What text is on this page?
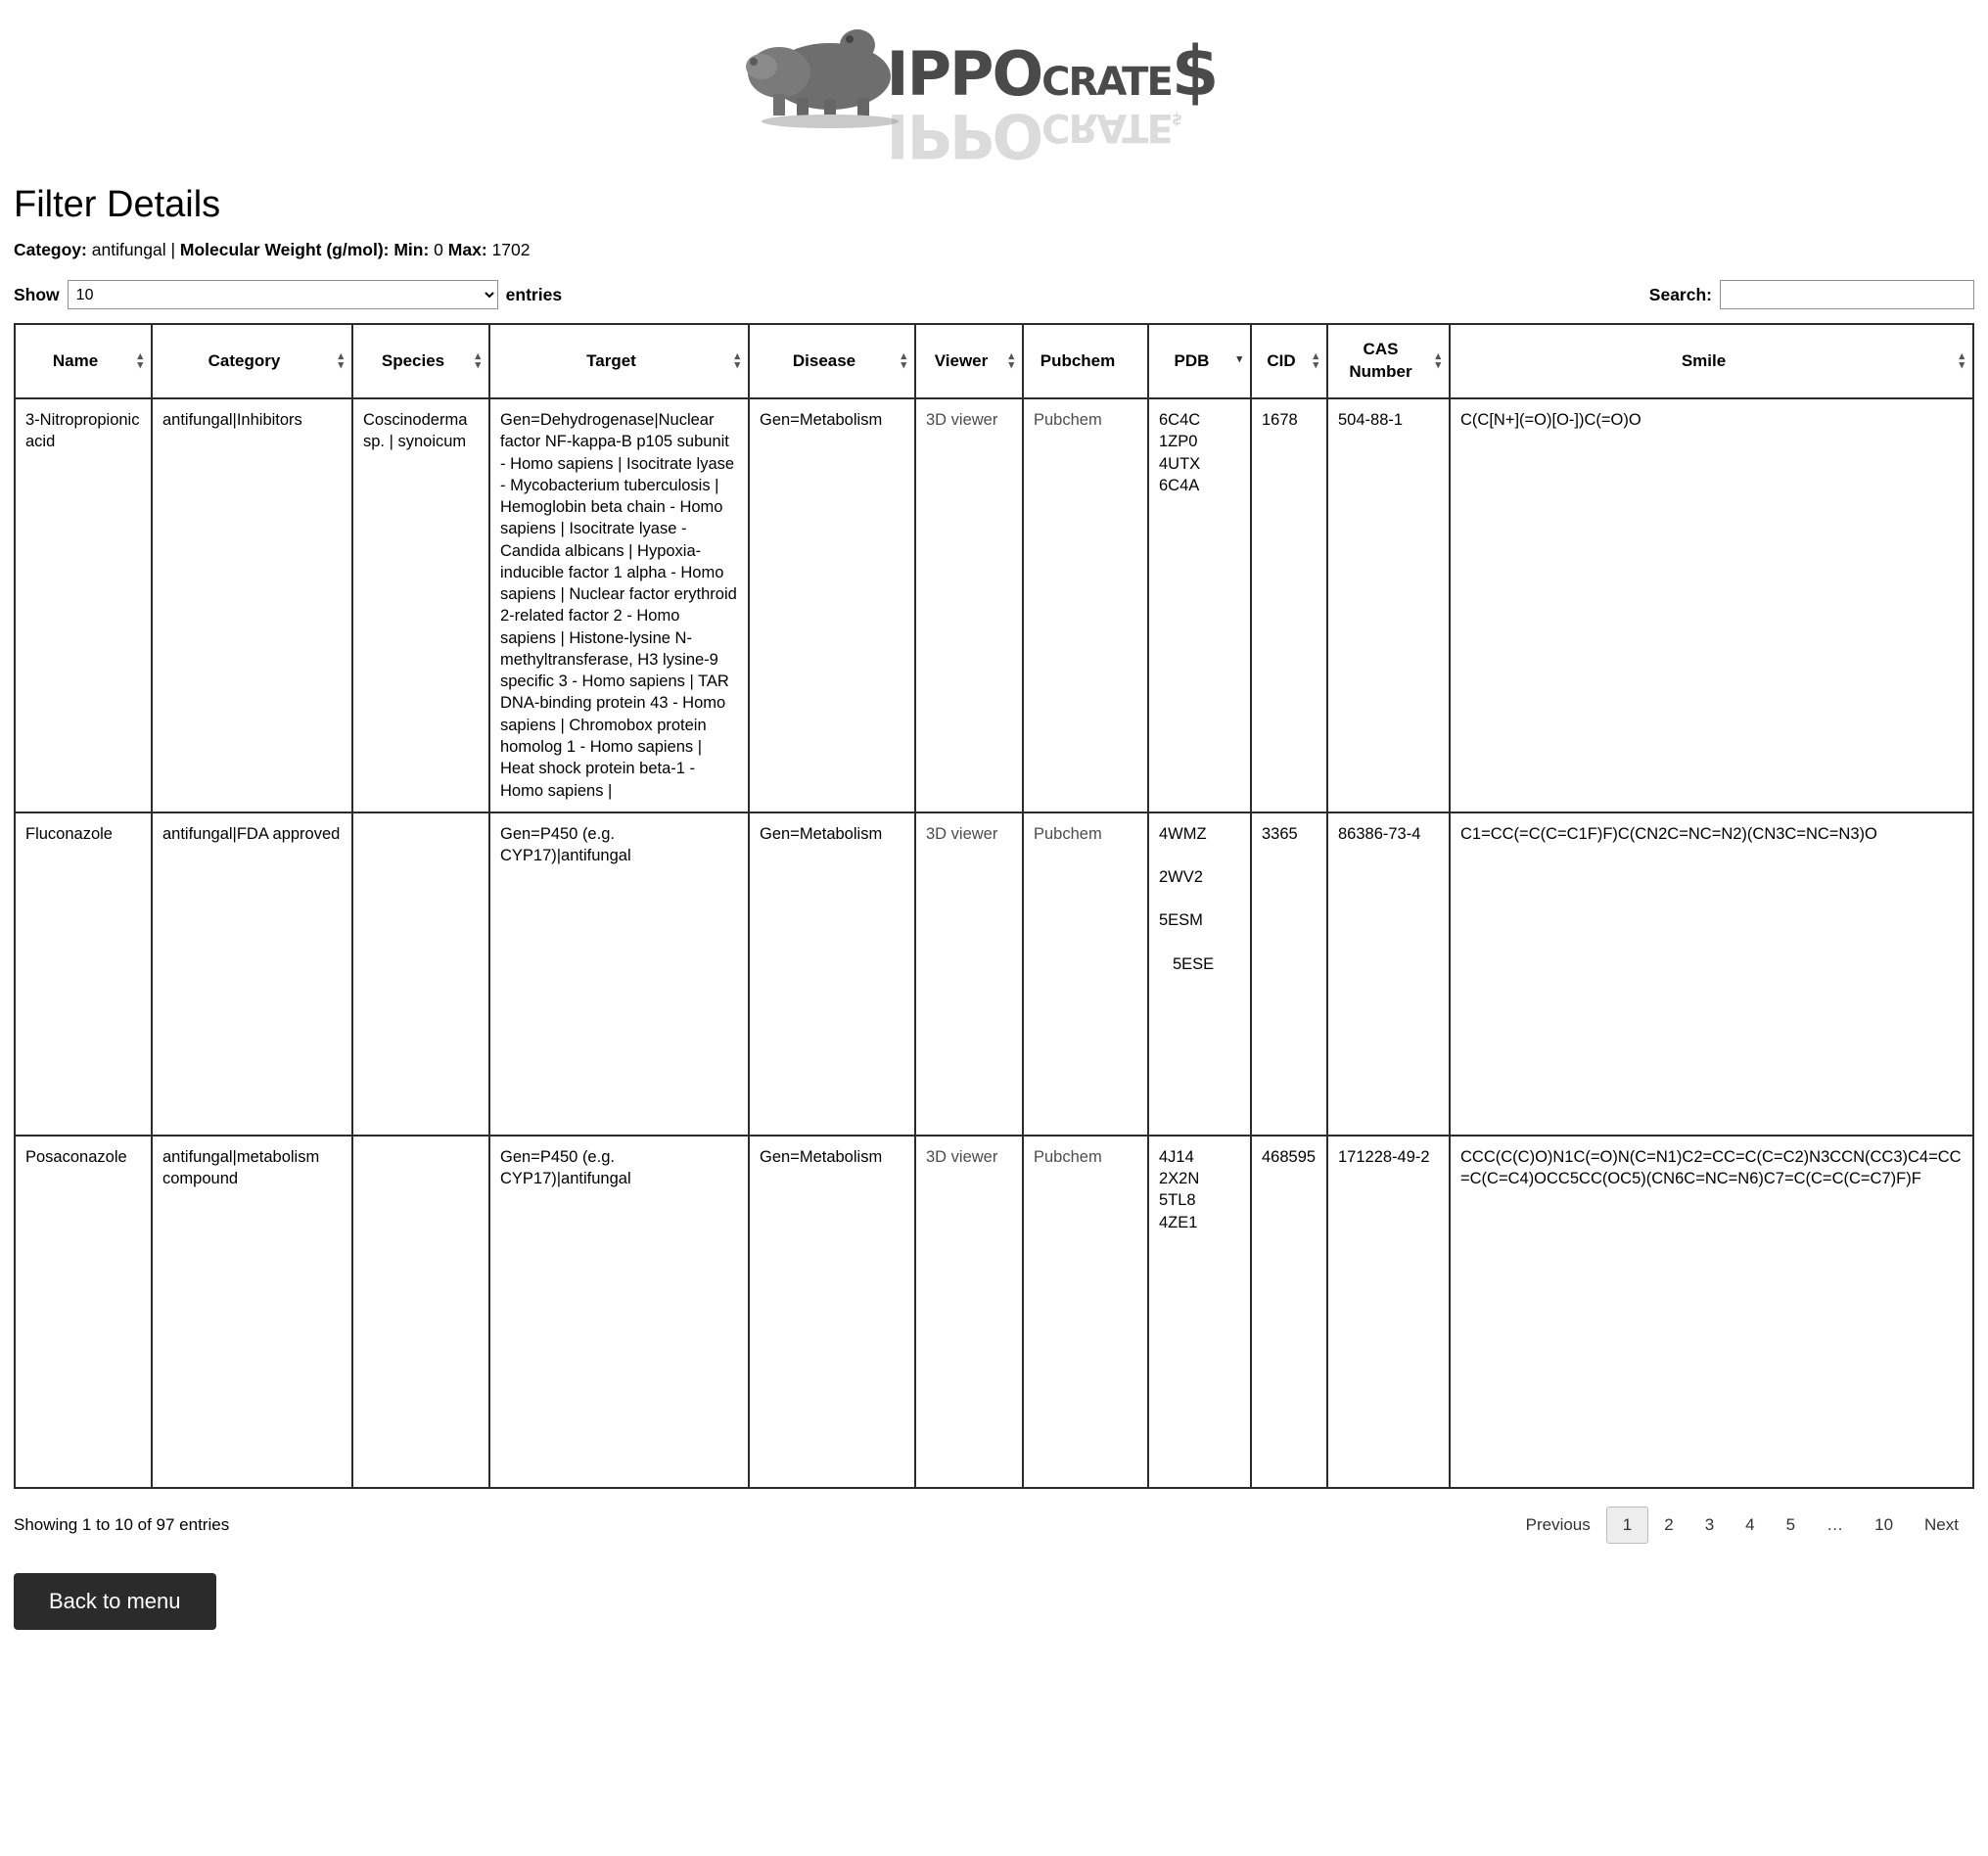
IPPOCRATE$
IPPOCRATE$
Filter Details
Categoy: antifungal | Molecular Weight (g/mol): Min: 0 Max: 1702
Show
10	entries	Search:
Name
▴
▾	Category
▴
▾	Species
▴
▾	Target
▴
▾	Disease
▴
▾	Viewer
▴
▾	Pubchem	PDB
▾	CID
▴
▾	CAS Number
▴
▾	Smile
▴
▾

3-Nitropropionic acid	antifungal|Inhibitors	Coscinoderma sp. | synoicum	Gen=Dehydrogenase|Nuclear factor NF-kappa-B p105 subunit - Homo sapiens | Isocitrate lyase - Mycobacterium tuberculosis | Hemoglobin beta chain - Homo sapiens | Isocitrate lyase - Candida albicans | Hypoxia-inducible factor 1 alpha - Homo sapiens | Nuclear factor erythroid 2-related factor 2 - Homo sapiens | Histone-lysine N-methyltransferase, H3 lysine-9 specific 3 - Homo sapiens | TAR DNA-binding protein 43 - Homo sapiens | Chromobox protein homolog 1 - Homo sapiens | Heat shock protein beta-1 - Homo sapiens |	Gen=Metabolism	3D viewer	Pubchem	6C4C
1ZP0
4UTX
6C4A
	1678	504-88-1	C(C[N+](=O)[O-])C(=O)O
Fluconazole	antifungal|FDA approved		Gen=P450 (e.g. CYP17)|antifungal	Gen=Metabolism	3D viewer	Pubchem	4WMZ
2WV2
5ESM
5ESE	3365	86386-73-4	C1=CC(=C(C=C1F)F)C(CN2C=NC=N2)(CN3C=NC=N3)O
Posaconazole	antifungal|metabolism compound		Gen=P450 (e.g. CYP17)|antifungal	Gen=Metabolism	3D viewer	Pubchem	4J14
2X2N
5TL8
4ZE1	468595	171228-49-2	CCC(C(C)O)N1C(=O)N(C=N1)C2=CC=C(C=C2)N3CCN(CC3)C4=CC=C(C=C4)OCC5CC(OC5)(CN6C=NC=N6)C7=C(C=C(C=C7)F)F
Showing 1 to 10 of 97 entries	Previous	1	2	3	4	5	…	10	Next
Back to menu
